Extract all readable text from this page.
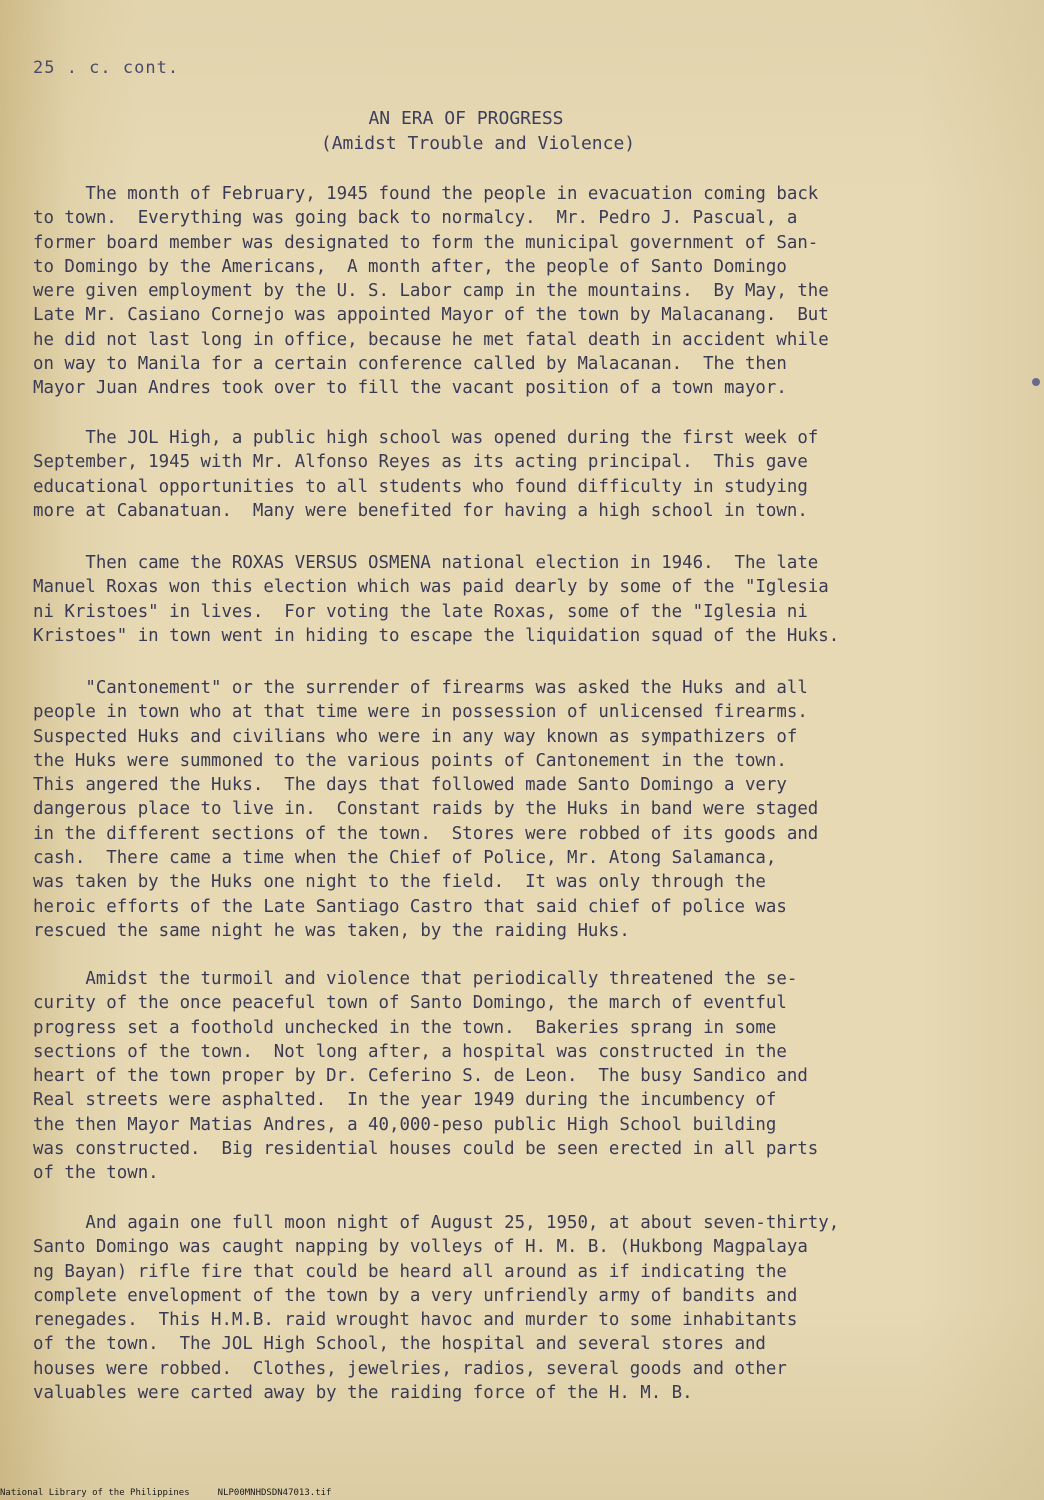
25 . c. cont.
AN ERA OF PROGRESS
(Amidst Trouble and Violence)
The month of February, 1945 found the people in evacuation coming back
to town.  Everything was going back to normalcy.  Mr. Pedro J. Pascual, a
former board member was designated to form the municipal government of San-
to Domingo by the Americans,  A month after, the people of Santo Domingo
were given employment by the U. S. Labor camp in the mountains.  By May, the
Late Mr. Casiano Cornejo was appointed Mayor of the town by Malacanang.  But
he did not last long in office, because he met fatal death in accident while
on way to Manila for a certain conference called by Malacanan.  The then
Mayor Juan Andres took over to fill the vacant position of a town mayor.
The JOL High, a public high school was opened during the first week of
September, 1945 with Mr. Alfonso Reyes as its acting principal.  This gave
educational opportunities to all students who found difficulty in studying
more at Cabanatuan.  Many were benefited for having a high school in town.
Then came the ROXAS VERSUS OSMENA national election in 1946.  The late
Manuel Roxas won this election which was paid dearly by some of the "Iglesia
ni Kristoes" in lives.  For voting the late Roxas, some of the "Iglesia ni
Kristoes" in town went in hiding to escape the liquidation squad of the Huks.
"Cantonement" or the surrender of firearms was asked the Huks and all
people in town who at that time were in possession of unlicensed firearms.
Suspected Huks and civilians who were in any way known as sympathizers of
the Huks were summoned to the various points of Cantonement in the town.
This angered the Huks.  The days that followed made Santo Domingo a very
dangerous place to live in.  Constant raids by the Huks in band were staged
in the different sections of the town.  Stores were robbed of its goods and
cash.  There came a time when the Chief of Police, Mr. Atong Salamanca,
was taken by the Huks one night to the field.  It was only through the
heroic efforts of the Late Santiago Castro that said chief of police was
rescued the same night he was taken, by the raiding Huks.
Amidst the turmoil and violence that periodically threatened the se-
curity of the once peaceful town of Santo Domingo, the march of eventful
progress set a foothold unchecked in the town.  Bakeries sprang in some
sections of the town.  Not long after, a hospital was constructed in the
heart of the town proper by Dr. Ceferino S. de Leon.  The busy Sandico and
Real streets were asphalted.  In the year 1949 during the incumbency of
the then Mayor Matias Andres, a 40,000-peso public High School building
was constructed.  Big residential houses could be seen erected in all parts
of the town.
And again one full moon night of August 25, 1950, at about seven-thirty,
Santo Domingo was caught napping by volleys of H. M. B. (Hukbong Magpalaya
ng Bayan) rifle fire that could be heard all around as if indicating the
complete envelopment of the town by a very unfriendly army of bandits and
renegades.  This H.M.B. raid wrought havoc and murder to some inhabitants
of the town.  The JOL High School, the hospital and several stores and
houses were robbed.  Clothes, jewelries, radios, several goods and other
valuables were carted away by the raiding force of the H. M. B.
National Library of the Philippines	NLP00MNHDSDN47013.tif
